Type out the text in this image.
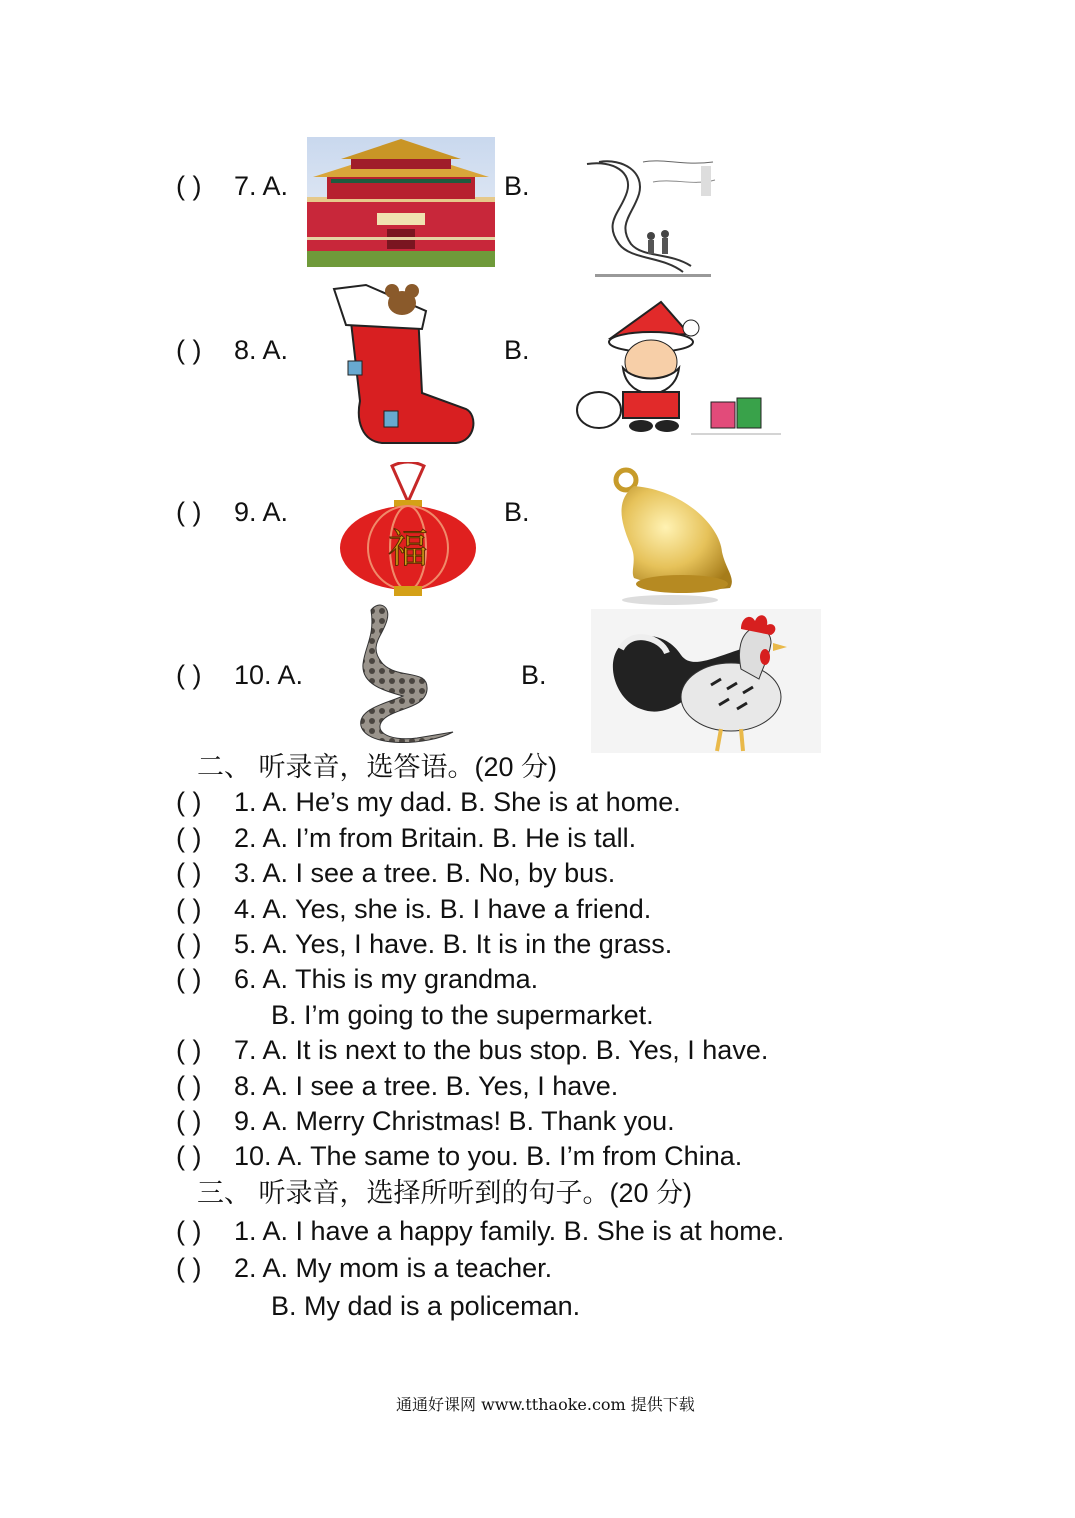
( ) 7. A.	B.
( ) 8. A.	B.
( ) 9. A.	B.
( ) 10. A.	B.
福
二、 听录音，选答语。(20 分)
( ) 1. A. He’s my dad. B. She is at home.
( ) 2. A. I’m from Britain. B. He is tall.
( ) 3. A. I see a tree. B. No, by bus.
( ) 4. A. Yes, she is. B. I have a friend.
( ) 5. A. Yes, I have. B. It is in the grass.
( ) 6. A. This is my grandma.
B. I’m going to the supermarket.
( ) 7. A. It is next to the bus stop. B. Yes, I have.
( ) 8. A. I see a tree. B. Yes, I have.
( ) 9. A. Merry Christmas! B. Thank you.
( ) 10. A. The same to you. B. I’m from China.
三、 听录音，选择所听到的句子。(20 分)
( ) 1. A. I have a happy family. B. She is at home.
( ) 2. A. My mom is a teacher.
B. My dad is a policeman.
通通好课网 www.tthaoke.com 提供下载
